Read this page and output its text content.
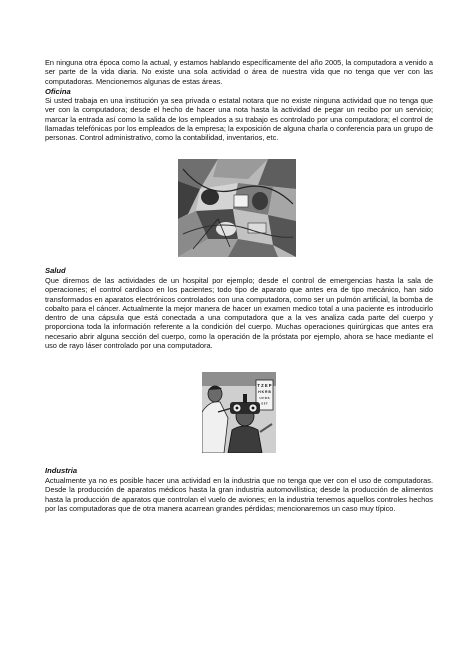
En ninguna otra época como la actual, y estamos hablando específicamente del año 2005, la computadora a venido a ser parte de la vida diaria. No existe una sola actividad o área de nuestra vida que no tenga que ver con las computadoras. Mencionemos algunas de estas áreas.

Oficina

Si usted trabaja en una institución ya sea privada o estatal notara que no existe ninguna actividad que no tenga que ver con la computadora; desde el hecho de hacer una nota hasta la actividad de pegar un recibo por un servicio; marcar la entrada así como la salida de los empleados a su trabajo es controlado por una computadora; el control de llamadas telefónicas por los empleados de la empresa; la exposición de alguna charla o conferencia para un grupo de personas. Control administrativo, como la contabilidad, inventarios, etc.

Salud

Que diremos de las actividades de un hospital por ejemplo; desde el control de emergencias hasta la sala de operaciones; el control cardíaco en los pacientes; todo tipo de aparato que antes era de tipo mecánico, han sido transformados en aparatos electrónicos controlados con una computadora, como ser un pulmón artificial, la bomba de cobalto para el cáncer. Actualmente la mejor manera de hacer un examen medico total a una paciente es introducirlo dentro de una cápsula que está conectada a una computadora que a la ves analiza cada parte del cuerpo y proporciona toda la información referente a la condición del cuerpo. Muchas operaciones quirúrgicas que antes era necesario abrir alguna sección del cuerpo, como la operación de la próstata por ejemplo, ahora se hace mediante el uso de rayo láser controlado por una computadora.

T Z E P
H K R B
U F R S
D E F

Industria

Actualmente ya no es posible hacer una actividad en la industria que no tenga que ver con el uso de computadoras. Desde la producción de aparatos médicos hasta la gran industria automovilística; desde la producción de alimentos hasta la producción de aparatos que controlan el vuelo de aviones; en la industria tenemos aquellos controles hechos por las computadoras que de otra manera acarrean grandes pérdidas; mencionaremos un caso muy típico.
